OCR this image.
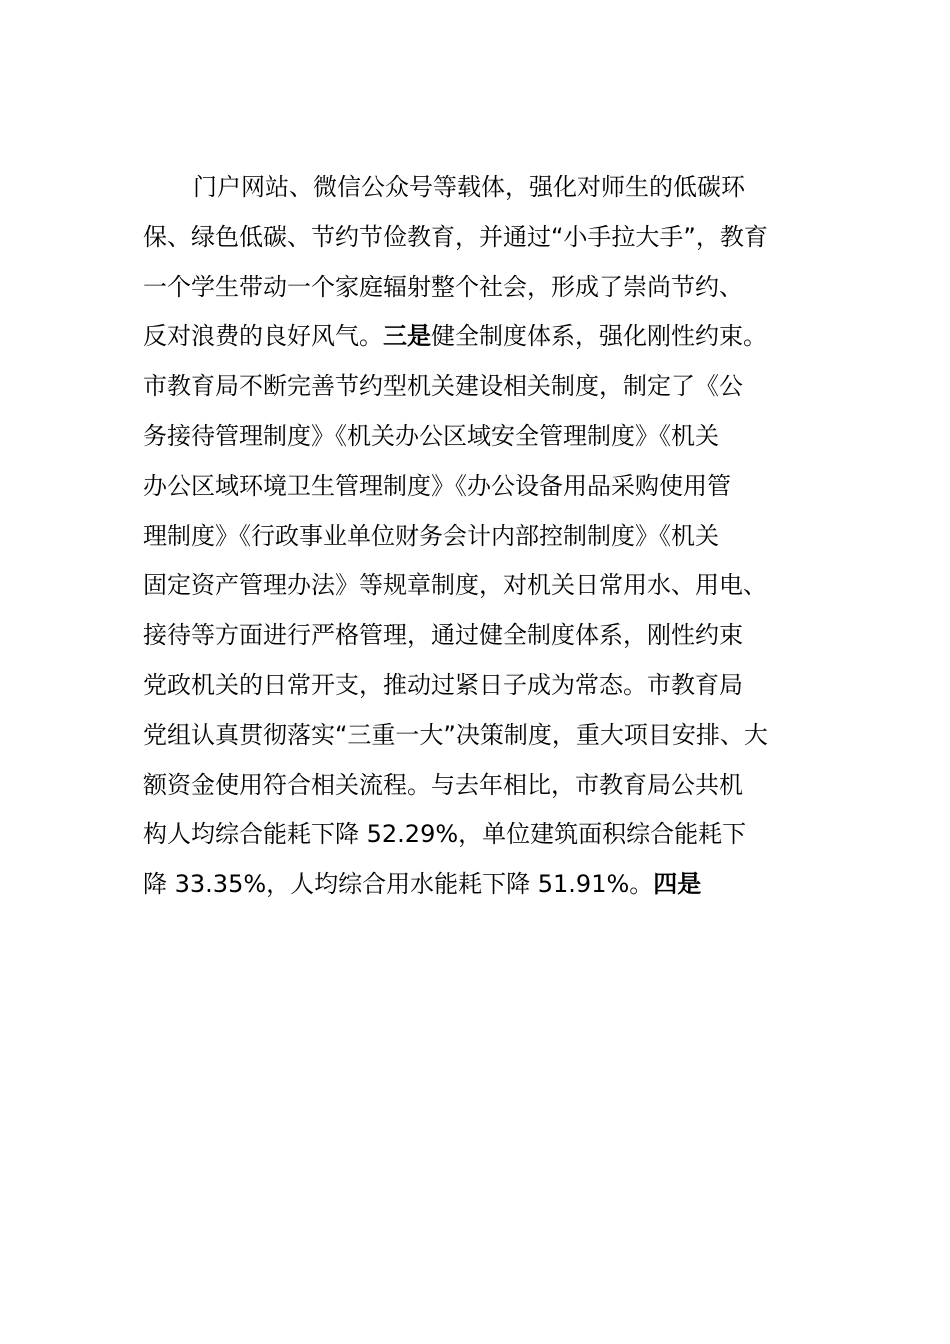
门户网站、微信公众号等载体，强化对师生的低碳环
保、绿色低碳、节约节俭教育，并通过“小手拉大手”，教育
一个学生带动一个家庭辐射整个社会，形成了崇尚节约、
反对浪费的良好风气。三是健全制度体系，强化刚性约束。
市教育局不断完善节约型机关建设相关制度，制定了《公
务接待管理制度》《机关办公区域安全管理制度》《机关
办公区域环境卫生管理制度》《办公设备用品采购使用管
理制度》《行政事业单位财务会计内部控制制度》《机关
固定资产管理办法》等规章制度，对机关日常用水、用电、
接待等方面进行严格管理，通过健全制度体系，刚性约束
党政机关的日常开支，推动过紧日子成为常态。市教育局
党组认真贯彻落实“三重一大”决策制度，重大项目安排、大
额资金使用符合相关流程。与去年相比，市教育局公共机
构人均综合能耗下降 52.29%，单位建筑面积综合能耗下
降 33.35%，人均综合用水能耗下降 51.91%。四是
